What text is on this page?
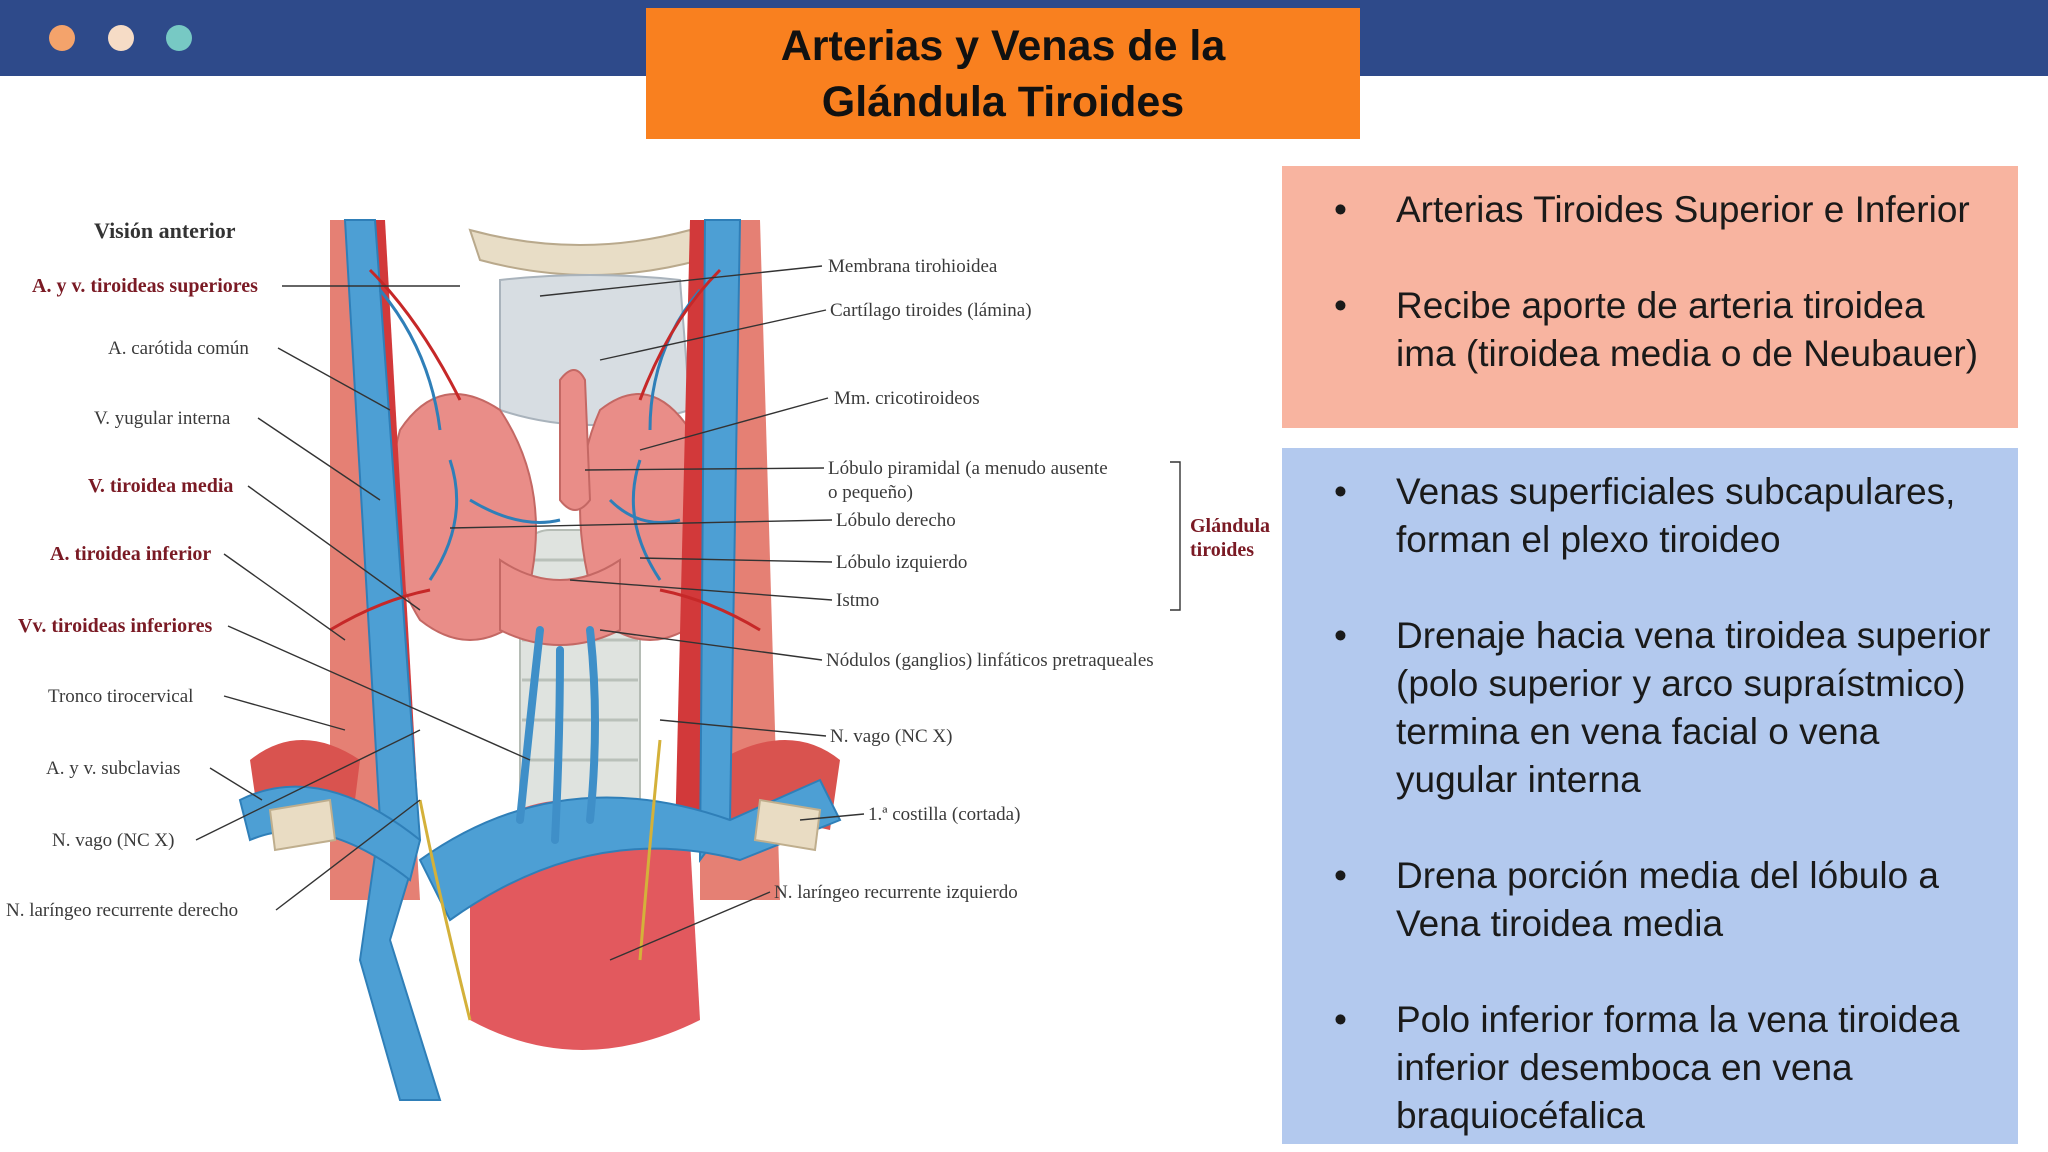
Arterias y Venas de la
Glándula Tiroides
Visión anterior
A. y v. tiroideas superiores
A. carótida común
V. yugular interna
V. tiroidea media
A. tiroidea inferior
Vv. tiroideas inferiores
Tronco tirocervical
A. y v. subclavias
N. vago (NC X)
N. laríngeo recurrente derecho
Membrana tirohioidea
Cartílago tiroides (lámina)
Mm. cricotiroideos
Lóbulo piramidal (a menudo ausente
o pequeño)
Lóbulo derecho
Lóbulo izquierdo
Istmo
Nódulos (ganglios) linfáticos pretraqueales
N. vago (NC X)
1.ª costilla (cortada)
N. laríngeo recurrente izquierdo
Glándula
tiroides
• Arterias Tiroides Superior e Inferior
• Recibe aporte de arteria tiroidea ima (tiroidea media o de Neubauer)
• Venas superficiales subcapulares, forman el plexo tiroideo
• Drenaje hacia vena tiroidea superior (polo superior y arco supraístmico) termina en vena facial o vena yugular interna
• Drena porción media del lóbulo a Vena tiroidea media
• Polo inferior forma la vena tiroidea inferior desemboca en vena braquiocéfalica
